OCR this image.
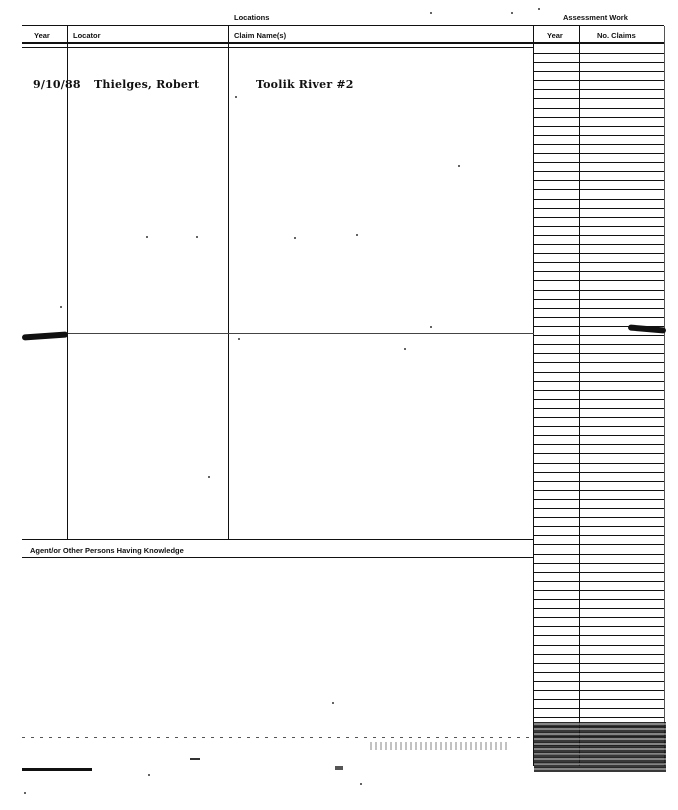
Locations	Assessment Work
Year	Locator	Claim Name(s)	Year	No. Claims
9/10/88 Thielges, Robert	Toolik River #2
Agent/or Other Persons Having Knowledge
